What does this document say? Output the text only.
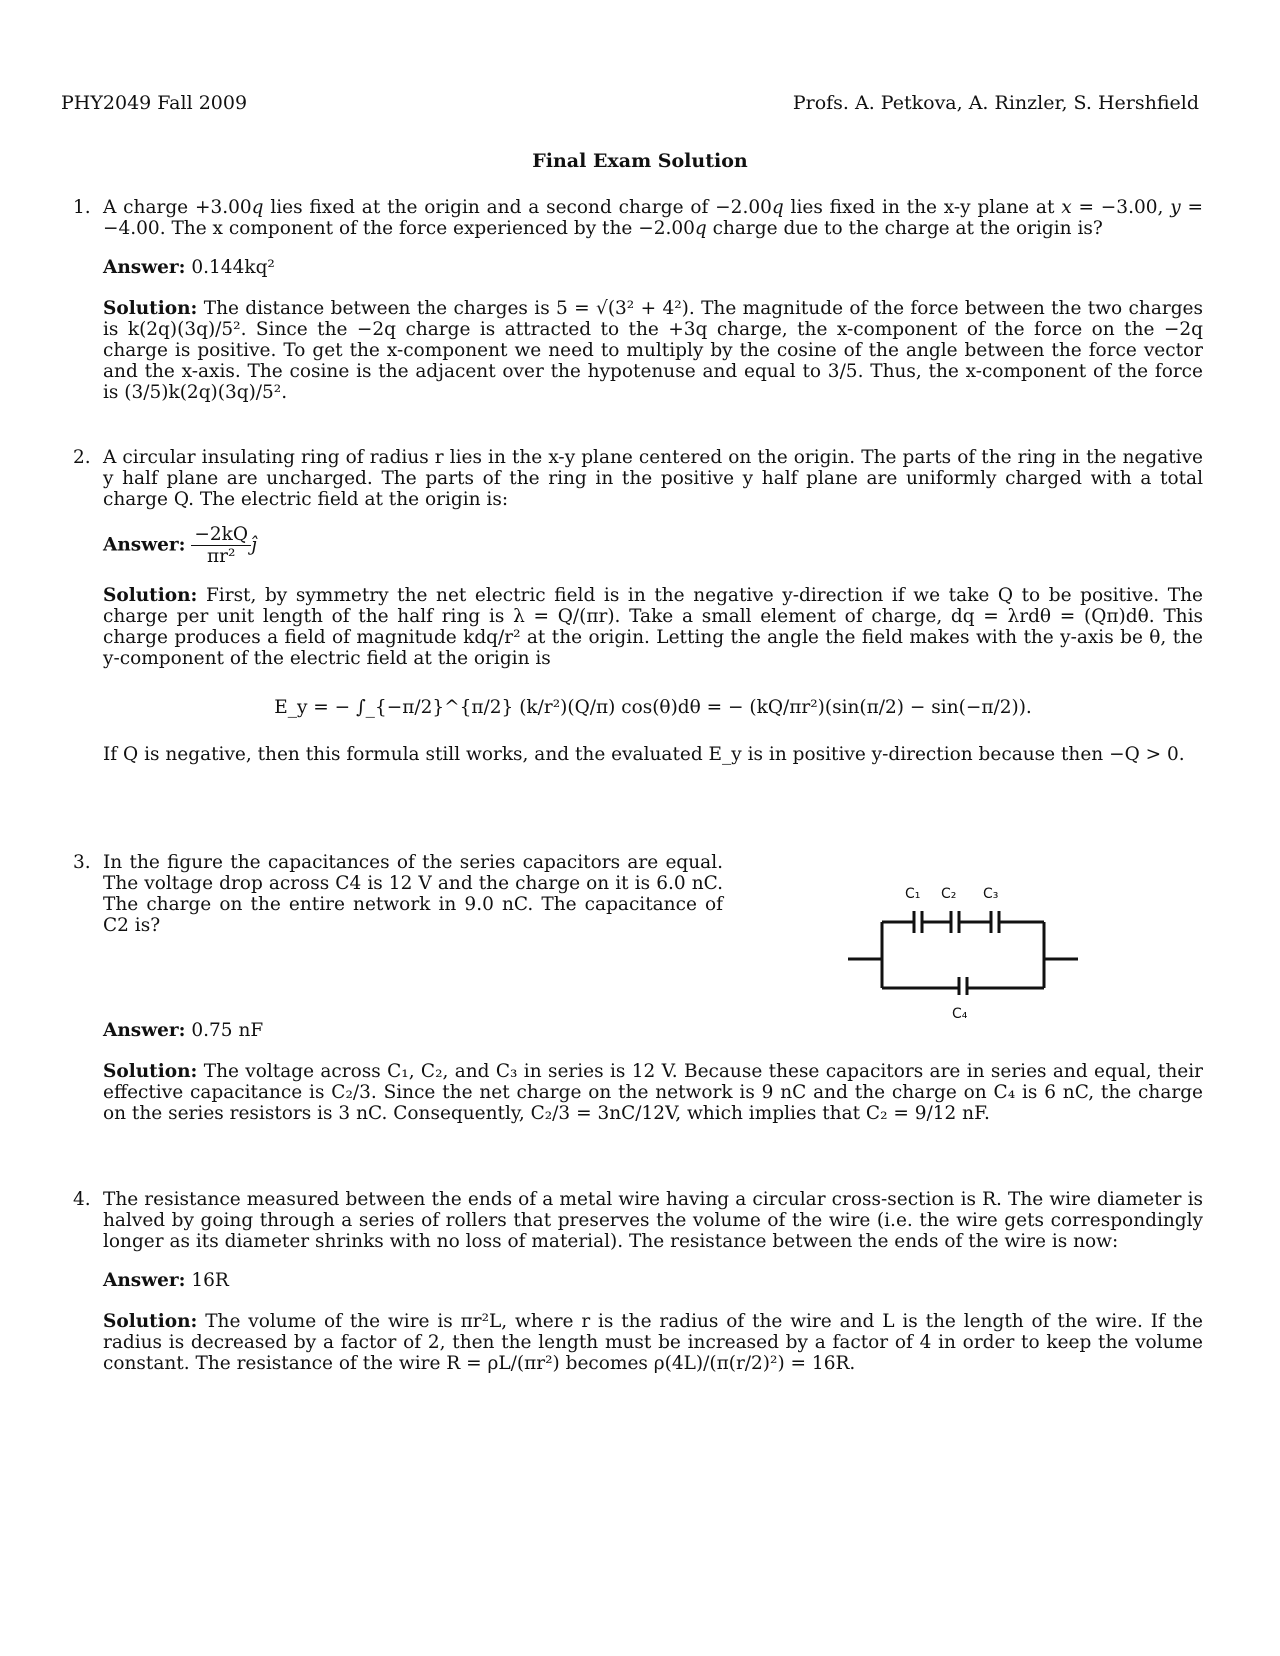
PHY2049 Fall 2009	Profs. A. Petkova, A. Rinzler, S. Hershfield
Final Exam Solution
1. A charge +3.00q lies fixed at the origin and a second charge of −2.00q lies fixed in the x-y plane at x = −3.00, y = −4.00. The x component of the force experienced by the −2.00q charge due to the charge at the origin is?
Answer: 0.144kq²
Solution: The distance between the charges is 5 = √(3² + 4²). The magnitude of the force between the two charges is k(2q)(3q)/5². Since the −2q charge is attracted to the +3q charge, the x-component of the force on the −2q charge is positive. To get the x-component we need to multiply by the cosine of the angle between the force vector and the x-axis. The cosine is the adjacent over the hypotenuse and equal to 3/5. Thus, the x-component of the force is (3/5)k(2q)(3q)/5².
2. A circular insulating ring of radius r lies in the x-y plane centered on the origin. The parts of the ring in the negative y half plane are uncharged. The parts of the ring in the positive y half plane are uniformly charged with a total charge Q. The electric field at the origin is:
Answer: $\frac{-2kQ}{\text{πr²}}$ ĵ
Solution: First, by symmetry the net electric field is in the negative y-direction if we take Q to be positive. The charge per unit length of the half ring is λ = Q/(πr). Take a small element of charge, dq = λrdθ = (Qπ)dθ. This charge produces a field of magnitude kdq/r² at the origin. Letting the angle the field makes with the y-axis be θ, the y-component of the electric field at the origin is
E_y = − ∫_{−π/2}^{π/2} (k/r²)(Q/π) cos(θ)dθ = − (kQ/πr²)(sin(π/2) − sin(−π/2)).
If Q is negative, then this formula still works, and the evaluated E_y is in positive y-direction because then −Q > 0.
3. In the figure the capacitances of the series capacitors are equal. The voltage drop across C4 is 12 V and the charge on it is 6.0 nC. The charge on the entire network in 9.0 nC. The capacitance of C2 is?
Answer: 0.75 nF
Solution: The voltage across C₁, C₂, and C₃ in series is 12 V. Because these capacitors are in series and equal, their effective capacitance is C₂/3. Since the net charge on the network is 9 nC and the charge on C₄ is 6 nC, the charge on the series resistors is 3 nC. Consequently, C₂/3 = 3nC/12V, which implies that C₂ = 9/12 nF.
C₁ C₂ C₃
C₄
4. The resistance measured between the ends of a metal wire having a circular cross-section is R. The wire diameter is halved by going through a series of rollers that preserves the volume of the wire (i.e. the wire gets correspondingly longer as its diameter shrinks with no loss of material). The resistance between the ends of the wire is now:
Answer: 16R
Solution: The volume of the wire is πr²L, where r is the radius of the wire and L is the length of the wire. If the radius is decreased by a factor of 2, then the length must be increased by a factor of 4 in order to keep the volume constant. The resistance of the wire R = ρL/(πr²) becomes ρ(4L)/(π(r/2)²) = 16R.
